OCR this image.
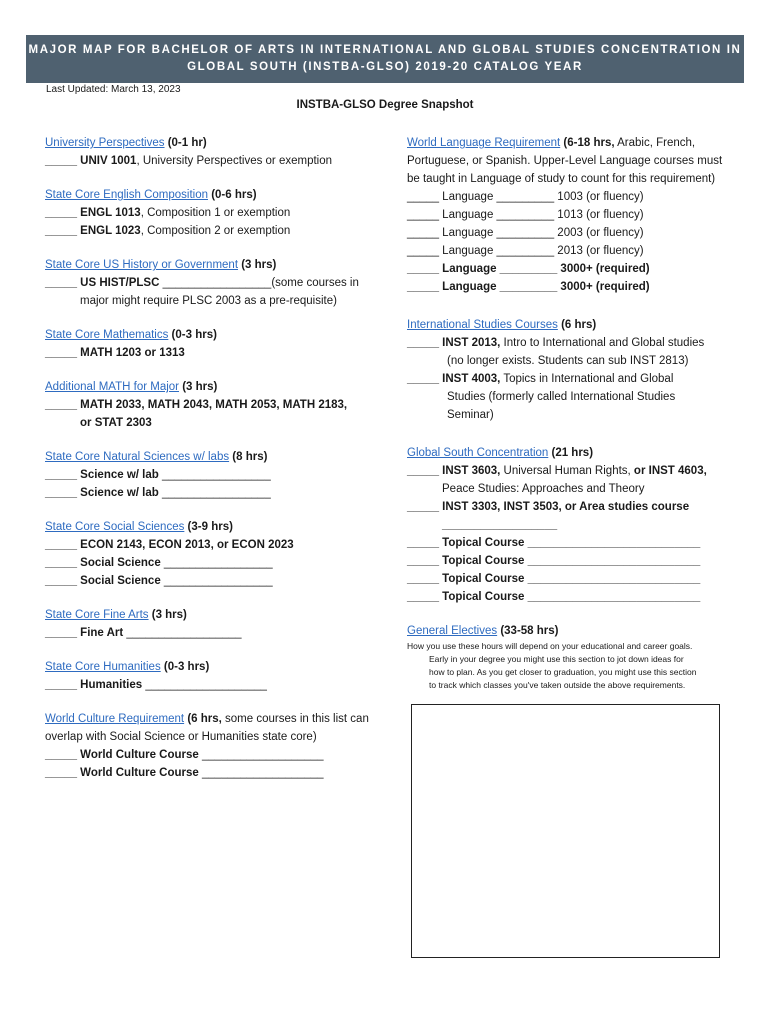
MAJOR MAP FOR BACHELOR OF ARTS IN INTERNATIONAL AND GLOBAL STUDIES CONCENTRATION IN
GLOBAL SOUTH (INSTBA-GLSO) 2019-20 CATALOG YEAR
Last Updated: March 13, 2023
INSTBA-GLSO Degree Snapshot

University Perspectives (0-1 hr)

_____ UNIV 1001, University Perspectives or exemption

State Core English Composition (0-6 hrs)

_____ ENGL 1013, Composition 1 or exemption

_____ ENGL 1023, Composition 2 or exemption

State Core US History or Government (3 hrs)

_____ US HIST/PLSC _________________(some courses in

major might require PLSC 2003 as a pre-requisite)

State Core Mathematics (0-3 hrs)

_____ MATH 1203 or 1313

Additional MATH for Major (3 hrs)

_____ MATH 2033, MATH 2043, MATH 2053, MATH 2183,

or STAT 2303

State Core Natural Sciences w/ labs (8 hrs)

_____ Science w/ lab _________________

_____ Science w/ lab _________________

State Core Social Sciences (3-9 hrs)

_____ ECON 2143, ECON 2013, or ECON 2023

_____ Social Science _________________

_____ Social Science _________________

State Core Fine Arts (3 hrs)

_____ Fine Art __________________

State Core Humanities (0-3 hrs)

_____ Humanities ___________________

World Culture Requirement (6 hrs, some courses in this list can overlap with Social Science or Humanities state core)

_____ World Culture Course ___________________

_____ World Culture Course ___________________

World Language Requirement (6-18 hrs, Arabic, French, Portuguese, or Spanish. Upper-Level Language courses must be taught in Language of study to count for this requirement)

_____ Language _________ 1003 (or fluency)

_____ Language _________ 1013 (or fluency)

_____ Language _________ 2003 (or fluency)

_____ Language _________ 2013 (or fluency)

_____ Language _________ 3000+ (required)

_____ Language _________ 3000+ (required)

International Studies Courses (6 hrs)

_____ INST 2013, Intro to International and Global studies

(no longer exists. Students can sub INST 2813)

_____ INST 4003, Topics in International and Global

Studies (formerly called International Studies

Seminar)

Global South Concentration (21 hrs)

_____ INST 3603, Universal Human Rights, or INST 4603,

Peace Studies: Approaches and Theory

_____ INST 3303, INST 3503, or Area studies course

__________________

_____ Topical Course ___________________________

_____ Topical Course ___________________________

_____ Topical Course ___________________________

_____ Topical Course ___________________________

General Electives (33-58 hrs)

How you use these hours will depend on your educational and career goals.

Early in your degree you might use this section to jot down ideas for

how to plan. As you get closer to graduation, you might use this section

to track which classes you've taken outside the above requirements.
